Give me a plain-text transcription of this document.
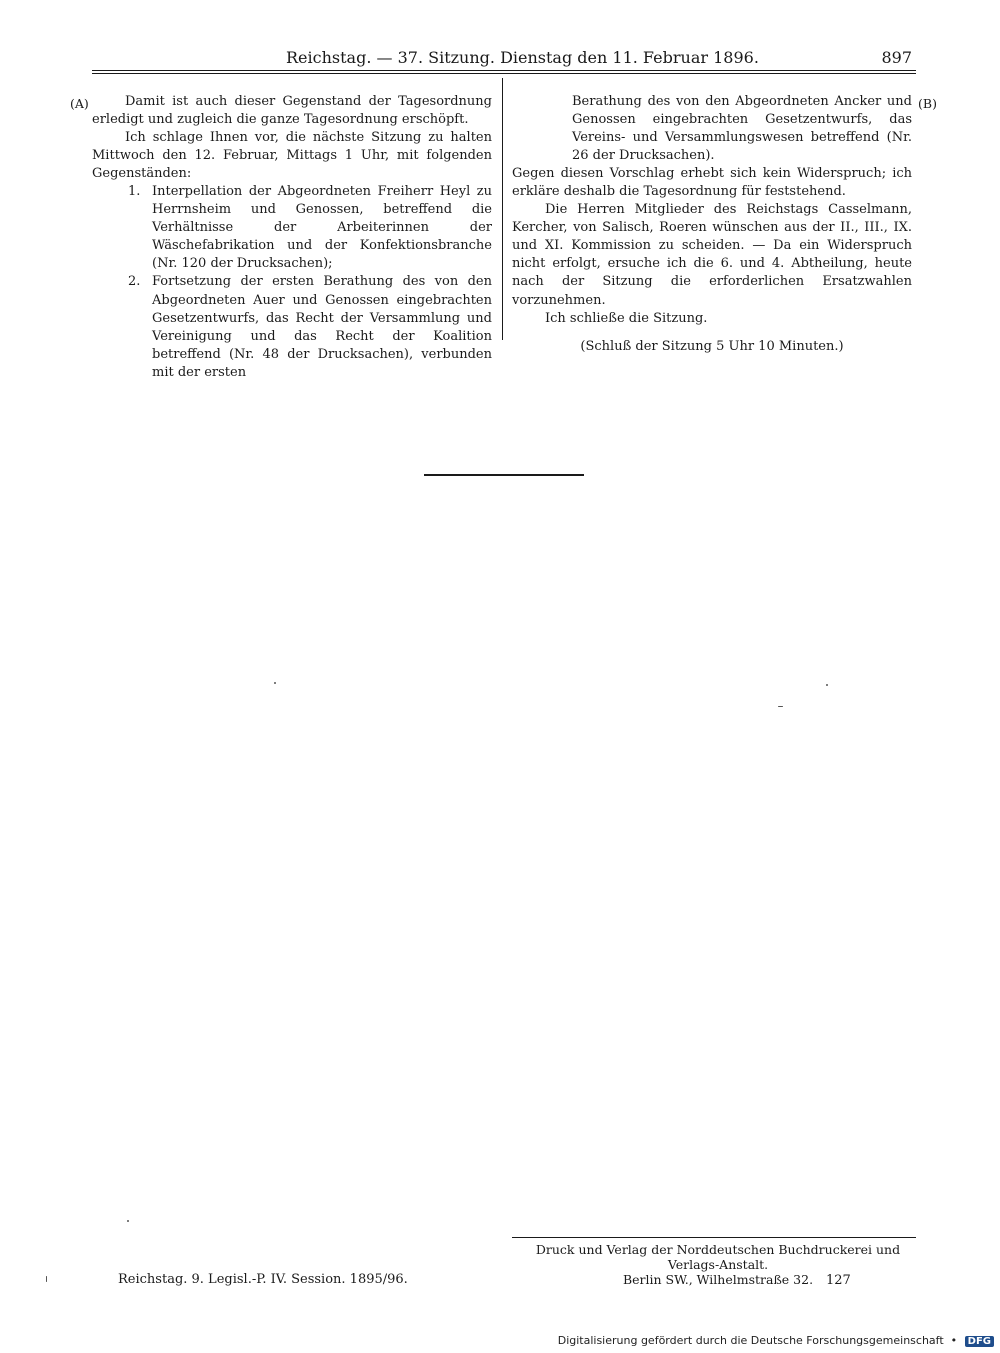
Reichstag. — 37. Sitzung. Dienstag den 11. Februar 1896.	897
(A)	(B)

Damit ist auch dieser Gegenstand der Tagesordnung erledigt und zugleich die ganze Tagesordnung erschöpft.

Ich schlage Ihnen vor, die nächste Sitzung zu halten Mittwoch den 12. Februar, Mittags 1 Uhr, mit folgenden Gegenständen:

1. Interpellation der Abgeordneten Freiherr Heyl zu Herrnsheim und Genossen, betreffend die Verhältnisse der Arbeiterinnen der Wäschefabrikation und der Konfektionsbranche (Nr. 120 der Drucksachen);
2. Fortsetzung der ersten Berathung des von den Abgeordneten Auer und Genossen eingebrachten Gesetzentwurfs, das Recht der Versammlung und Vereinigung und das Recht der Koalition betreffend (Nr. 48 der Drucksachen), verbunden mit der ersten

Berathung des von den Abgeordneten Ancker und Genossen eingebrachten Gesetzentwurfs, das Vereins- und Versammlungswesen betreffend (Nr. 26 der Drucksachen).

Gegen diesen Vorschlag erhebt sich kein Widerspruch; ich erkläre deshalb die Tagesordnung für feststehend.

Die Herren Mitglieder des Reichstags Casselmann, Kercher, von Salisch, Roeren wünschen aus der II., III., IX. und XI. Kommission zu scheiden. — Da ein Widerspruch nicht erfolgt, ersuche ich die 6. und 4. Abtheilung, heute nach der Sitzung die erforderlichen Ersatzwahlen vorzunehmen.

Ich schließe die Sitzung.

(Schluß der Sitzung 5 Uhr 10 Minuten.)

Druck und Verlag der Norddeutschen Buchdruckerei und Verlags-Anstalt.

Berlin SW., Wilhelmstraße 32.

Reichstag. 9. Legisl.-P. IV. Session. 1895/96.	127
Digitalisierung gefördert durch die Deutsche Forschungsgemeinschaft  • DFG
